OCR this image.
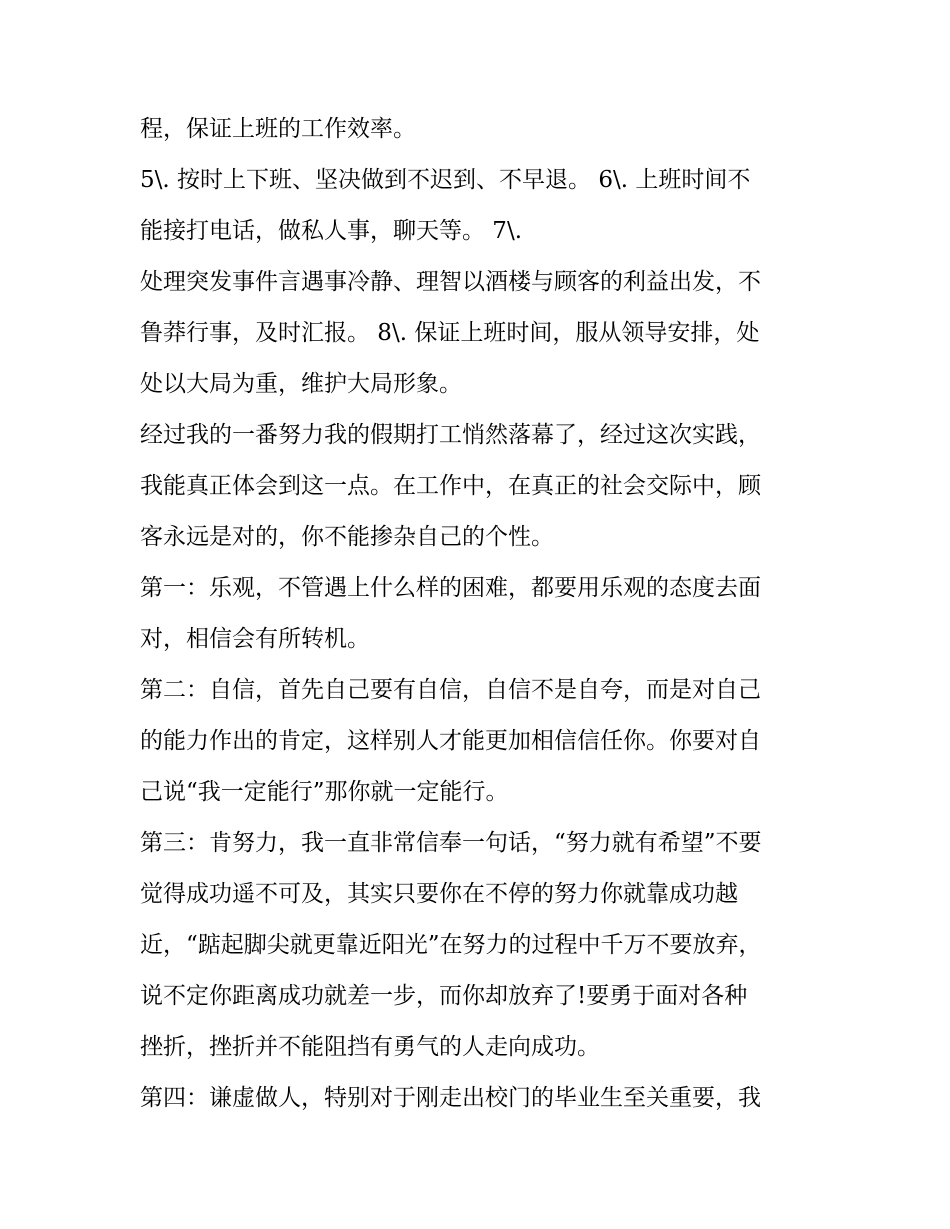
程，保证上班的工作效率。
5\. 按时上下班、坚决做到不迟到、不早退。 6\. 上班时间不
能接打电话，做私人事，聊天等。 7\.
处理突发事件言遇事冷静、理智以酒楼与顾客的利益出发，不
鲁莽行事，及时汇报。 8\. 保证上班时间，服从领导安排，处
处以大局为重，维护大局形象。
经过我的一番努力我的假期打工悄然落幕了，经过这次实践，
我能真正体会到这一点。在工作中，在真正的社会交际中，顾
客永远是对的，你不能掺杂自己的个性。
第一：乐观，不管遇上什么样的困难，都要用乐观的态度去面
对，相信会有所转机。
第二：自信，首先自己要有自信，自信不是自夸，而是对自己
的能力作出的肯定，这样别人才能更加相信信任你。你要对自
己说“我一定能行”那你就一定能行。
第三：肯努力，我一直非常信奉一句话，“努力就有希望”不要
觉得成功遥不可及，其实只要你在不停的努力你就靠成功越
近，“踮起脚尖就更靠近阳光”在努力的过程中千万不要放弃，
说不定你距离成功就差一步，而你却放弃了!要勇于面对各种
挫折，挫折并不能阻挡有勇气的人走向成功。
第四：谦虚做人，特别对于刚走出校门的毕业生至关重要，我
